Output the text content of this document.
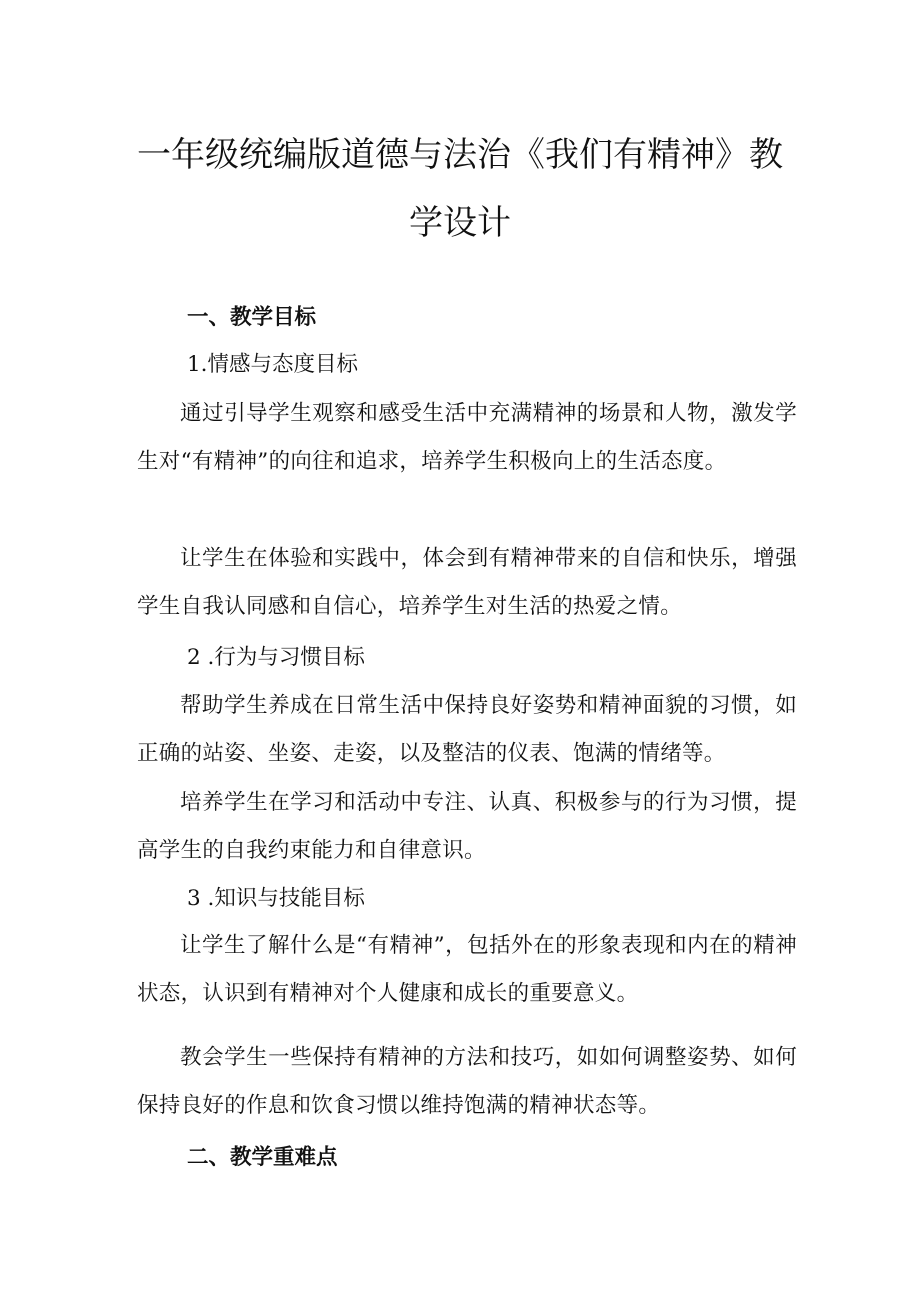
一年级统编版道德与法治《我们有精神》教
学设计
一、教学目标
1.情感与态度目标

通过引导学生观察和感受生活中充满精神的场景和人物，激发学生对“有精神”的向往和追求，培养学生积极向上的生活态度。

让学生在体验和实践中，体会到有精神带来的自信和快乐，增强学生自我认同感和自信心，培养学生对生活的热爱之情。

2 .行为与习惯目标

帮助学生养成在日常生活中保持良好姿势和精神面貌的习惯，如正确的站姿、坐姿、走姿，以及整洁的仪表、饱满的情绪等。

培养学生在学习和活动中专注、认真、积极参与的行为习惯，提高学生的自我约束能力和自律意识。

3 .知识与技能目标

让学生了解什么是“有精神”，包括外在的形象表现和内在的精神状态，认识到有精神对个人健康和成长的重要意义。

教会学生一些保持有精神的方法和技巧，如如何调整姿势、如何保持良好的作息和饮食习惯以维持饱满的精神状态等。

二、教学重难点
